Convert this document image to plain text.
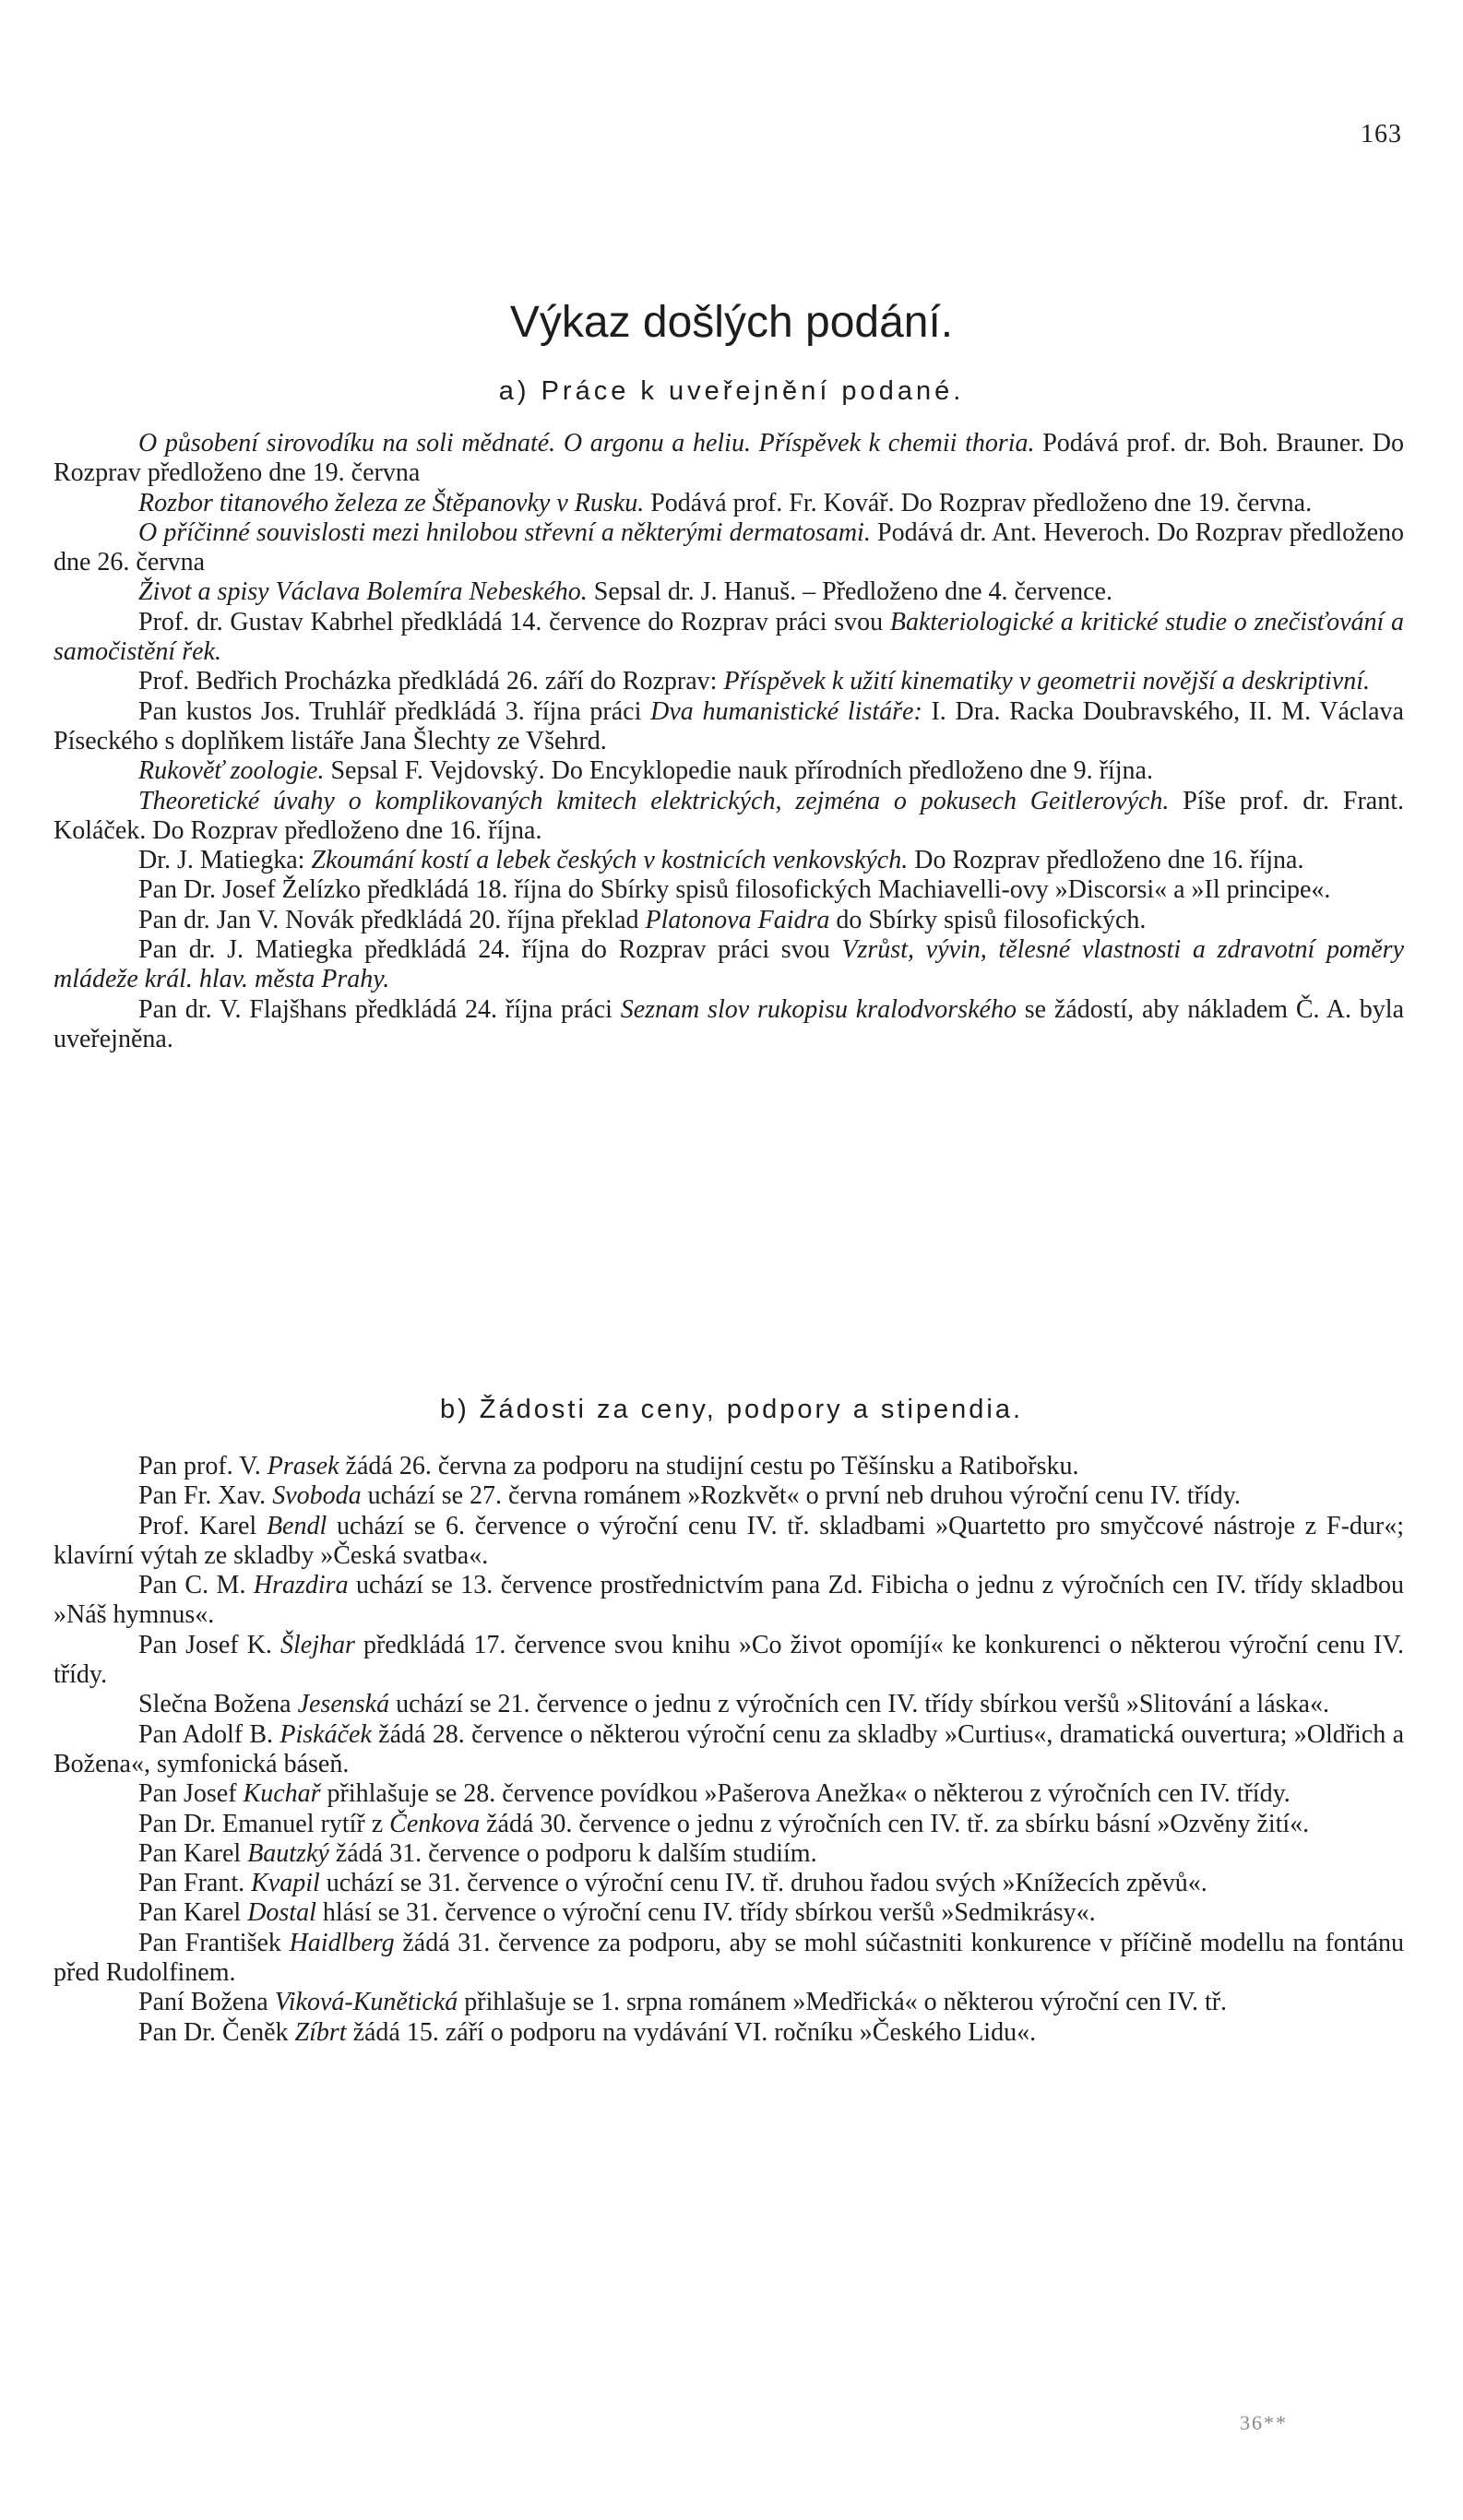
163
Výkaz došlých podání.
a) Práce k uveřejnění podané.

O působení sirovodíku na soli mědnaté. O argonu a heliu. Příspěvek k chemii thoria. Podává prof. dr. Boh. Brauner. Do Rozprav předloženo dne 19. června

Rozbor titanového železa ze Štěpanovky v Rusku. Podává prof. Fr. Kovář. Do Rozprav předloženo dne 19. června.

O příčinné souvislosti mezi hnilobou střevní a některými dermatosami. Podává dr. Ant. Heveroch. Do Rozprav předloženo dne 26. června

Život a spisy Václava Bolemíra Nebeského. Sepsal dr. J. Hanuš. – Předloženo dne 4. července.

Prof. dr. Gustav Kabrhel předkládá 14. července do Rozprav práci svou Bakteriologické a kritické studie o znečisťování a samočistění řek.

Prof. Bedřich Procházka předkládá 26. září do Rozprav: Příspěvek k užití kinematiky v geometrii novější a deskriptivní.

Pan kustos Jos. Truhlář předkládá 3. října práci Dva humanistické listáře: I. Dra. Racka Doubravského, II. M. Václava Píseckého s doplňkem listáře Jana Šlechty ze Všehrd.

Rukověť zoologie. Sepsal F. Vejdovský. Do Encyklopedie nauk přírodních předloženo dne 9. října.

Theoretické úvahy o komplikovaných kmitech elektrických, zejména o pokusech Geitlerových. Píše prof. dr. Frant. Koláček. Do Rozprav předloženo dne 16. října.

Dr. J. Matiegka: Zkoumání kostí a lebek českých v kostnicích venkovských. Do Rozprav předloženo dne 16. října.

Pan Dr. Josef Želízko předkládá 18. října do Sbírky spisů filosofických Machiavelli-ovy »Discorsi« a »Il principe«.

Pan dr. Jan V. Novák předkládá 20. října překlad Platonova Faidra do Sbírky spisů filosofických.

Pan dr. J. Matiegka předkládá 24. října do Rozprav práci svou Vzrůst, vývin, tělesné vlastnosti a zdravotní poměry mládeže král. hlav. města Prahy.

Pan dr. V. Flajšhans předkládá 24. října práci Seznam slov rukopisu kralodvorského se žádostí, aby nákladem Č. A. byla uveřejněna.

b) Žádosti za ceny, podpory a stipendia.

Pan prof. V. Prasek žádá 26. června za podporu na studijní cestu po Těšínsku a Ratibořsku.

Pan Fr. Xav. Svoboda uchází se 27. června románem »Rozkvět« o první neb druhou výroční cenu IV. třídy.

Prof. Karel Bendl uchází se 6. července o výroční cenu IV. tř. skladbami »Quartetto pro smyčcové nástroje z F-dur«; klavírní výtah ze skladby »Česká svatba«.

Pan C. M. Hrazdira uchází se 13. července prostřednictvím pana Zd. Fibicha o jednu z výročních cen IV. třídy skladbou »Náš hymnus«.

Pan Josef K. Šlejhar předkládá 17. července svou knihu »Co život opomíjí« ke konkurenci o některou výroční cenu IV. třídy.

Slečna Božena Jesenská uchází se 21. července o jednu z výročních cen IV. třídy sbírkou veršů »Slitování a láska«.

Pan Adolf B. Piskáček žádá 28. července o některou výroční cenu za skladby »Curtius«, dramatická ouvertura; »Oldřich a Božena«, symfonická báseň.

Pan Josef Kuchař přihlašuje se 28. července povídkou »Pašerova Anežka« o některou z výročních cen IV. třídy.

Pan Dr. Emanuel rytíř z Čenkova žádá 30. července o jednu z výročních cen IV. tř. za sbírku básní »Ozvěny žití«.

Pan Karel Bautzký žádá 31. července o podporu k dalším studiím.

Pan Frant. Kvapil uchází se 31. července o výroční cenu IV. tř. druhou řadou svých »Knížecích zpěvů«.

Pan Karel Dostal hlásí se 31. července o výroční cenu IV. třídy sbírkou veršů »Sedmikrásy«.

Pan František Haidlberg žádá 31. července za podporu, aby se mohl súčastniti konkurence v příčině modellu na fontánu před Rudolfinem.

Paní Božena Viková-Kunětická přihlašuje se 1. srpna románem »Medřická« o některou výroční cen IV. tř.

Pan Dr. Čeněk Zíbrt žádá 15. září o podporu na vydávání VI. ročníku »Českého Lidu«.

36**
